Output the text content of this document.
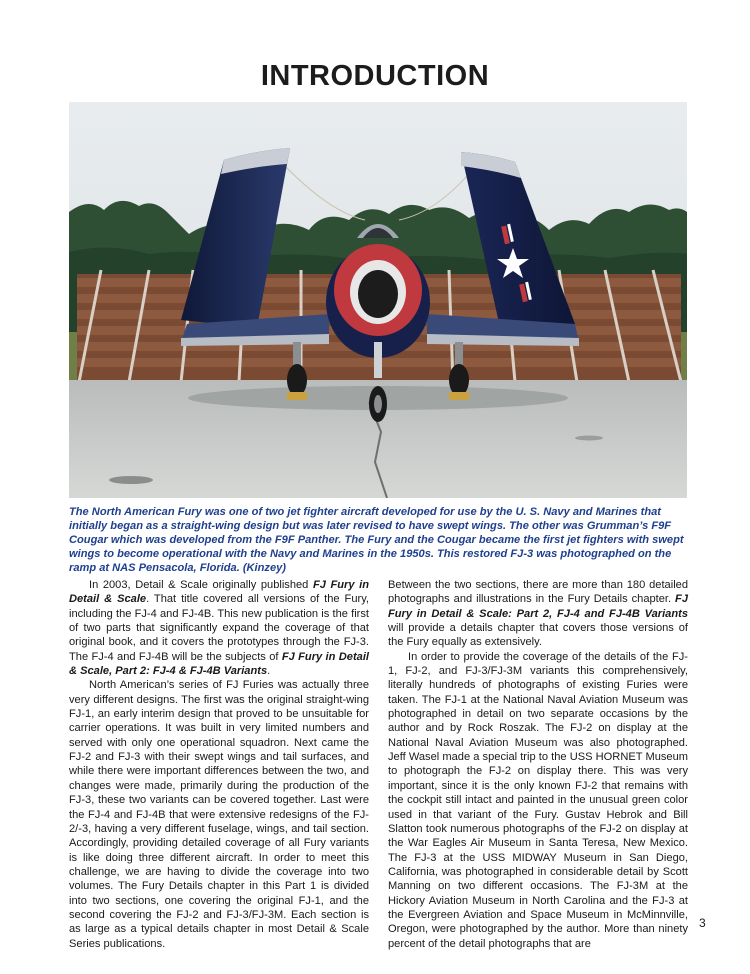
INTRODUCTION
The North American Fury was one of two jet fighter aircraft developed for use by the U. S. Navy and Marines that initially began as a straight-wing design but was later revised to have swept wings. The other was Grumman’s F9F Cougar which was developed from the F9F Panther. The Fury and the Cougar became the first jet fighters with swept wings to become operational with the Navy and Marines in the 1950s. This restored FJ-3 was photographed on the ramp at NAS Pensacola, Florida. (Kinzey)

In 2003, Detail & Scale originally published FJ Fury in Detail & Scale. That title covered all versions of the Fury, including the FJ-4 and FJ-4B. This new publication is the first of two parts that significantly expand the coverage of that original book, and it covers the prototypes through the FJ-3. The FJ-4 and FJ-4B will be the subjects of FJ Fury in Detail & Scale, Part 2: FJ-4 & FJ-4B Variants.

North American’s series of FJ Furies was actually three very different designs. The first was the original straight-wing FJ-1, an early interim design that proved to be unsuitable for carrier operations. It was built in very limited numbers and served with only one operational squadron. Next came the FJ-2 and FJ-3 with their swept wings and tail surfaces, and while there were important differences between the two, and changes were made, primarily during the production of the FJ-3, these two variants can be covered together. Last were the FJ-4 and FJ-4B that were extensive redesigns of the FJ-2/-3, having a very different fuselage, wings, and tail section. Accordingly, providing detailed coverage of all Fury variants is like doing three different aircraft. In order to meet this challenge, we are having to divide the coverage into two volumes. The Fury Details chapter in this Part 1 is divided into two sections, one covering the original FJ-1, and the second covering the FJ-2 and FJ-3/FJ-3M. Each section is as large as a typical details chapter in most Detail & Scale Series publications.

Between the two sections, there are more than 180 detailed photographs and illustrations in the Fury Details chapter. FJ Fury in Detail & Scale: Part 2, FJ-4 and FJ-4B Variants will provide a details chapter that covers those versions of the Fury equally as extensively.

In order to provide the coverage of the details of the FJ-1, FJ-2, and FJ-3/FJ-3M variants this comprehensively, literally hundreds of photographs of existing Furies were taken. The FJ-1 at the National Naval Aviation Museum was photographed in detail on two separate occasions by the author and by Rock Roszak. The FJ-2 on display at the National Naval Aviation Museum was also photographed. Jeff Wasel made a special trip to the USS HORNET Museum to photograph the FJ-2 on display there. This was very important, since it is the only known FJ-2 that remains with the cockpit still intact and painted in the unusual green color used in that variant of the Fury. Gustav Hebrok and Bill Slatton took numerous photographs of the FJ-2 on display at the War Eagles Air Museum in Santa Teresa, New Mexico. The FJ-3 at the USS MIDWAY Museum in San Diego, California, was photographed in considerable detail by Scott Manning on two different occasions. The FJ-3M at the Hickory Aviation Museum in North Carolina and the FJ-3 at the Evergreen Aviation and Space Museum in McMinnville, Oregon, were photographed by the author. More than ninety percent of the detail photographs that are

3
